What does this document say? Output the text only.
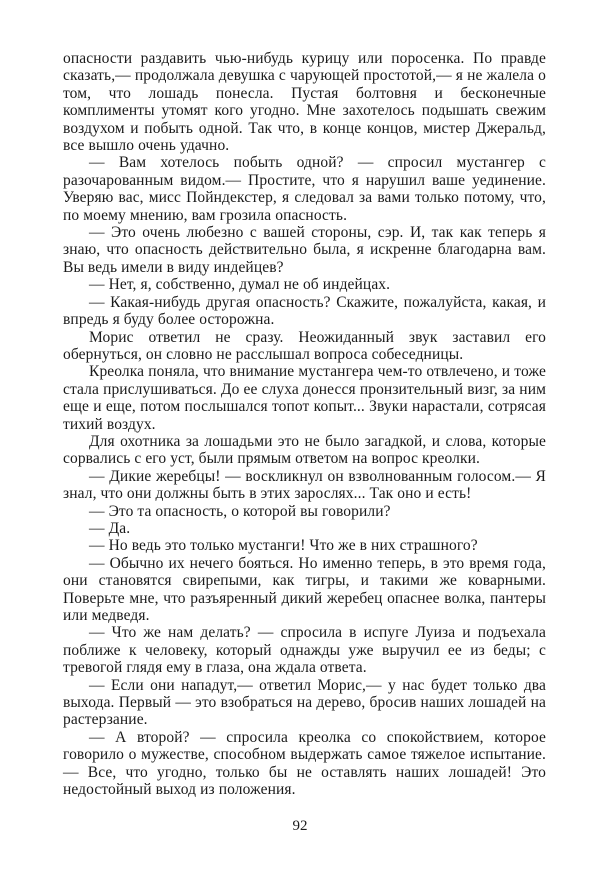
опасности раздавить чью-нибудь курицу или поросенка. По правде сказать,— продолжала девушка с чарующей простотой,— я не жалела о том, что лошадь понесла. Пустая болтовня и бесконечные комплименты утомят кого угодно. Мне захотелось подышать свежим воздухом и побыть одной. Так что, в конце концов, мистер Джеральд, все вышло очень удачно.

— Вам хотелось побыть одной? — спросил мустангер с разочарованным видом.— Простите, что я нарушил ваше уединение. Уверяю вас, мисс Пойндекстер, я следовал за вами только потому, что, по моему мнению, вам грозила опасность.

— Это очень любезно с вашей стороны, сэр. И, так как теперь я знаю, что опасность действительно была, я искренне благодарна вам. Вы ведь имели в виду индейцев?

— Нет, я, собственно, думал не об индейцах.

— Какая-нибудь другая опасность? Скажите, пожалуйста, какая, и впредь я буду более осторожна.

Морис ответил не сразу. Неожиданный звук заставил его обернуться, он словно не расслышал вопроса собеседницы.

Креолка поняла, что внимание мустангера чем-то отвлечено, и тоже стала прислушиваться. До ее слуха донесся пронзительный визг, за ним еще и еще, потом послышался топот копыт... Звуки нарастали, сотрясая тихий воздух.

Для охотника за лошадьми это не было загадкой, и слова, которые сорвались с его уст, были прямым ответом на вопрос креолки.

— Дикие жеребцы! — воскликнул он взволнованным голосом.— Я знал, что они должны быть в этих зарослях... Так оно и есть!

— Это та опасность, о которой вы говорили?

— Да.

— Но ведь это только мустанги! Что же в них страшного?

— Обычно их нечего бояться. Но именно теперь, в это время года, они становятся свирепыми, как тигры, и такими же коварными. Поверьте мне, что разъяренный дикий жеребец опаснее волка, пантеры или медведя.

— Что же нам делать? — спросила в испуге Луиза и подъехала поближе к человеку, который однажды уже выручил ее из беды; с тревогой глядя ему в глаза, она ждала ответа.

— Если они нападут,— ответил Морис,— у нас будет только два выхода. Первый — это взобраться на дерево, бросив наших лошадей на растерзание.

— А второй? — спросила креолка со спокойствием, которое говорило о мужестве, способном выдержать самое тяжелое испытание.— Все, что угодно, только бы не оставлять наших лошадей! Это недостойный выход из положения.

92
